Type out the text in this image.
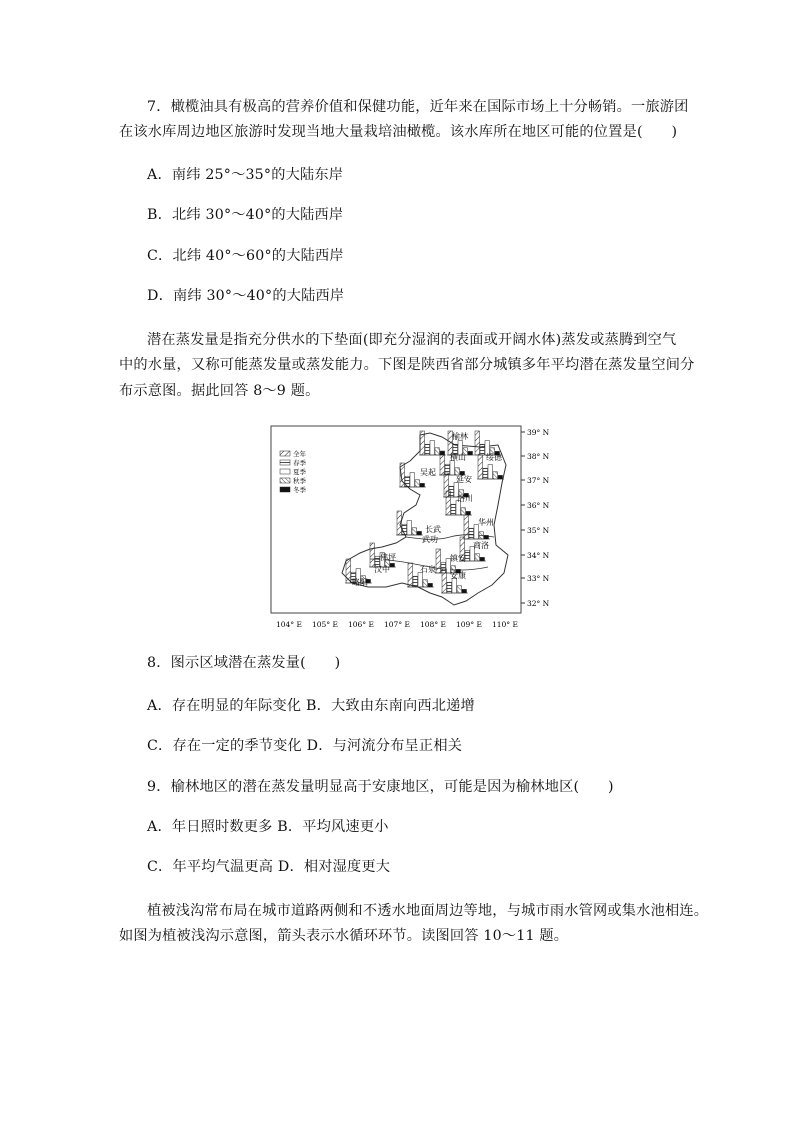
7．橄榄油具有极高的营养价值和保健功能，近年来在国际市场上十分畅销。一旅游团
在该水库周边地区旅游时发现当地大量栽培油橄榄。该水库所在地区可能的位置是(　　)
A．南纬 25°～35°的大陆东岸
B．北纬 30°～40°的大陆西岸
C．北纬 40°～60°的大陆西岸
D．南纬 30°～40°的大陆西岸
潜在蒸发量是指充分供水的下垫面(即充分湿润的表面或开阔水体)蒸发或蒸腾到空气
中的水量，又称可能蒸发量或蒸发能力。下图是陕西省部分城镇多年平均潜在蒸发量空间分
布示意图。据此回答 8～9 题。
全年
春季
夏季
秋季
冬季
榆林
横山	绥德
吴起
延安
洛川
长武
武功
华州
商洛
佛坪	镇安
汉中	石泉
安康
略阳
39° N
38° N
37° N
36° N
35° N
34° N
33° N
32° N
104° E 105° E 106° E 107° E 108° E 109° E 110° E
8．图示区域潜在蒸发量(　　)
A．存在明显的年际变化 B．大致由东南向西北递增
C．存在一定的季节变化 D．与河流分布呈正相关
9．榆林地区的潜在蒸发量明显高于安康地区，可能是因为榆林地区(　　)
A．年日照时数更多 B．平均风速更小
C．年平均气温更高 D．相对湿度更大
植被浅沟常布局在城市道路两侧和不透水地面周边等地，与城市雨水管网或集水池相连。
如图为植被浅沟示意图，箭头表示水循环环节。读图回答 10～11 题。
